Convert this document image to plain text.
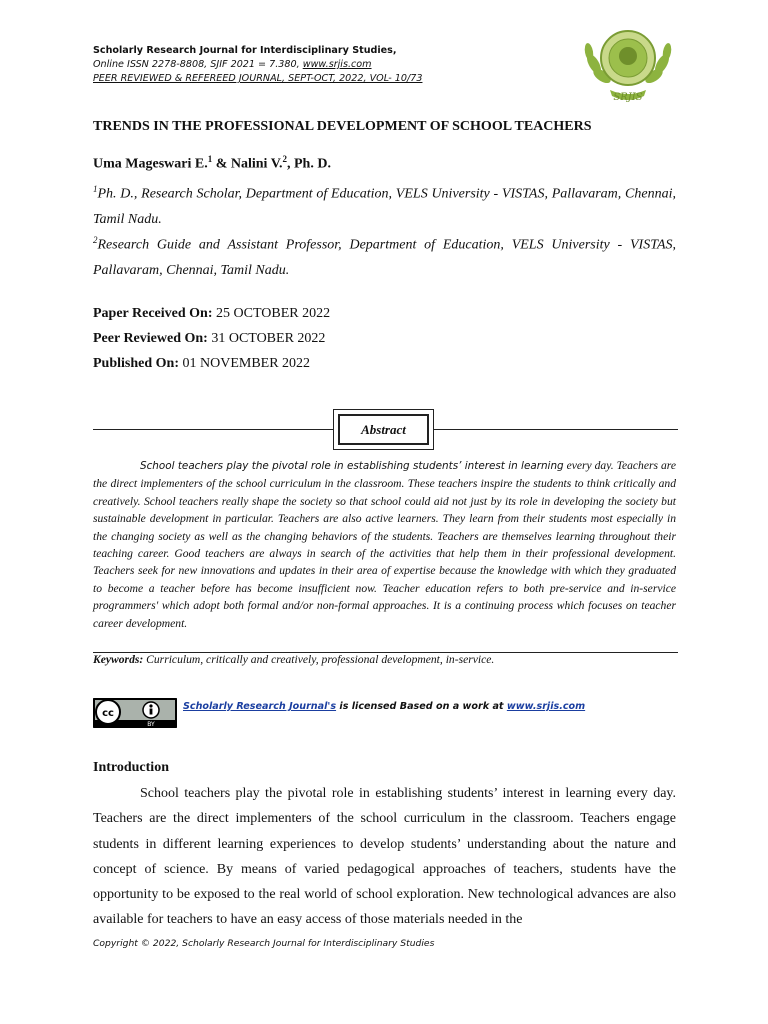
Scholarly Research Journal for Interdisciplinary Studies,
Online ISSN 2278-8808, SJIF 2021 = 7.380, www.srjis.com
PEER REVIEWED & REFEREED JOURNAL, SEPT-OCT, 2022, VOL- 10/73
SRJIS
TRENDS IN THE PROFESSIONAL DEVELOPMENT OF SCHOOL TEACHERS
Uma Mageswari E.$^1$ & Nalini V.$^2$, Ph. D.
$^1$Ph. D., Research Scholar, Department of Education, VELS University - VISTAS, Pallavaram, Chennai, Tamil Nadu.
$^2$Research Guide and Assistant Professor, Department of Education, VELS University - VISTAS, Pallavaram, Chennai, Tamil Nadu.
Paper Received On: 25 OCTOBER 2022
Peer Reviewed On: 31 OCTOBER 2022
Published On: 01 NOVEMBER 2022
Abstract
School teachers play the pivotal role in establishing students’ interest in learning every day. Teachers are the direct implementers of the school curriculum in the classroom. These teachers inspire the students to think critically and creatively. School teachers really shape the society so that school could aid not just by its role in developing the society but sustainable development in particular. Teachers are also active learners. They learn from their students most especially in the changing society as well as the changing behaviors of the students. Teachers are themselves learning throughout their teaching career. Good teachers are always in search of the activities that help them in their professional development. Teachers seek for new innovations and updates in their area of expertise because the knowledge with which they graduated to become a teacher before has become insufficient now. Teacher education refers to both pre-service and in-service programmers' which adopt both formal and/or non-formal approaches. It is a continuing process which focuses on teacher career development.
Keywords: Curriculum, critically and creatively, professional development, in-service.
cc
BY
Scholarly Research Journal's is licensed Based on a work at www.srjis.com
Introduction
School teachers play the pivotal role in establishing students’ interest in learning every day. Teachers are the direct implementers of the school curriculum in the classroom. Teachers engage students in different learning experiences to develop students’ understanding about the nature and concept of science. By means of varied pedagogical approaches of teachers, students have the opportunity to be exposed to the real world of school exploration. New technological advances are also available for teachers to have an easy access of those materials needed in the
Copyright © 2022, Scholarly Research Journal for Interdisciplinary Studies
